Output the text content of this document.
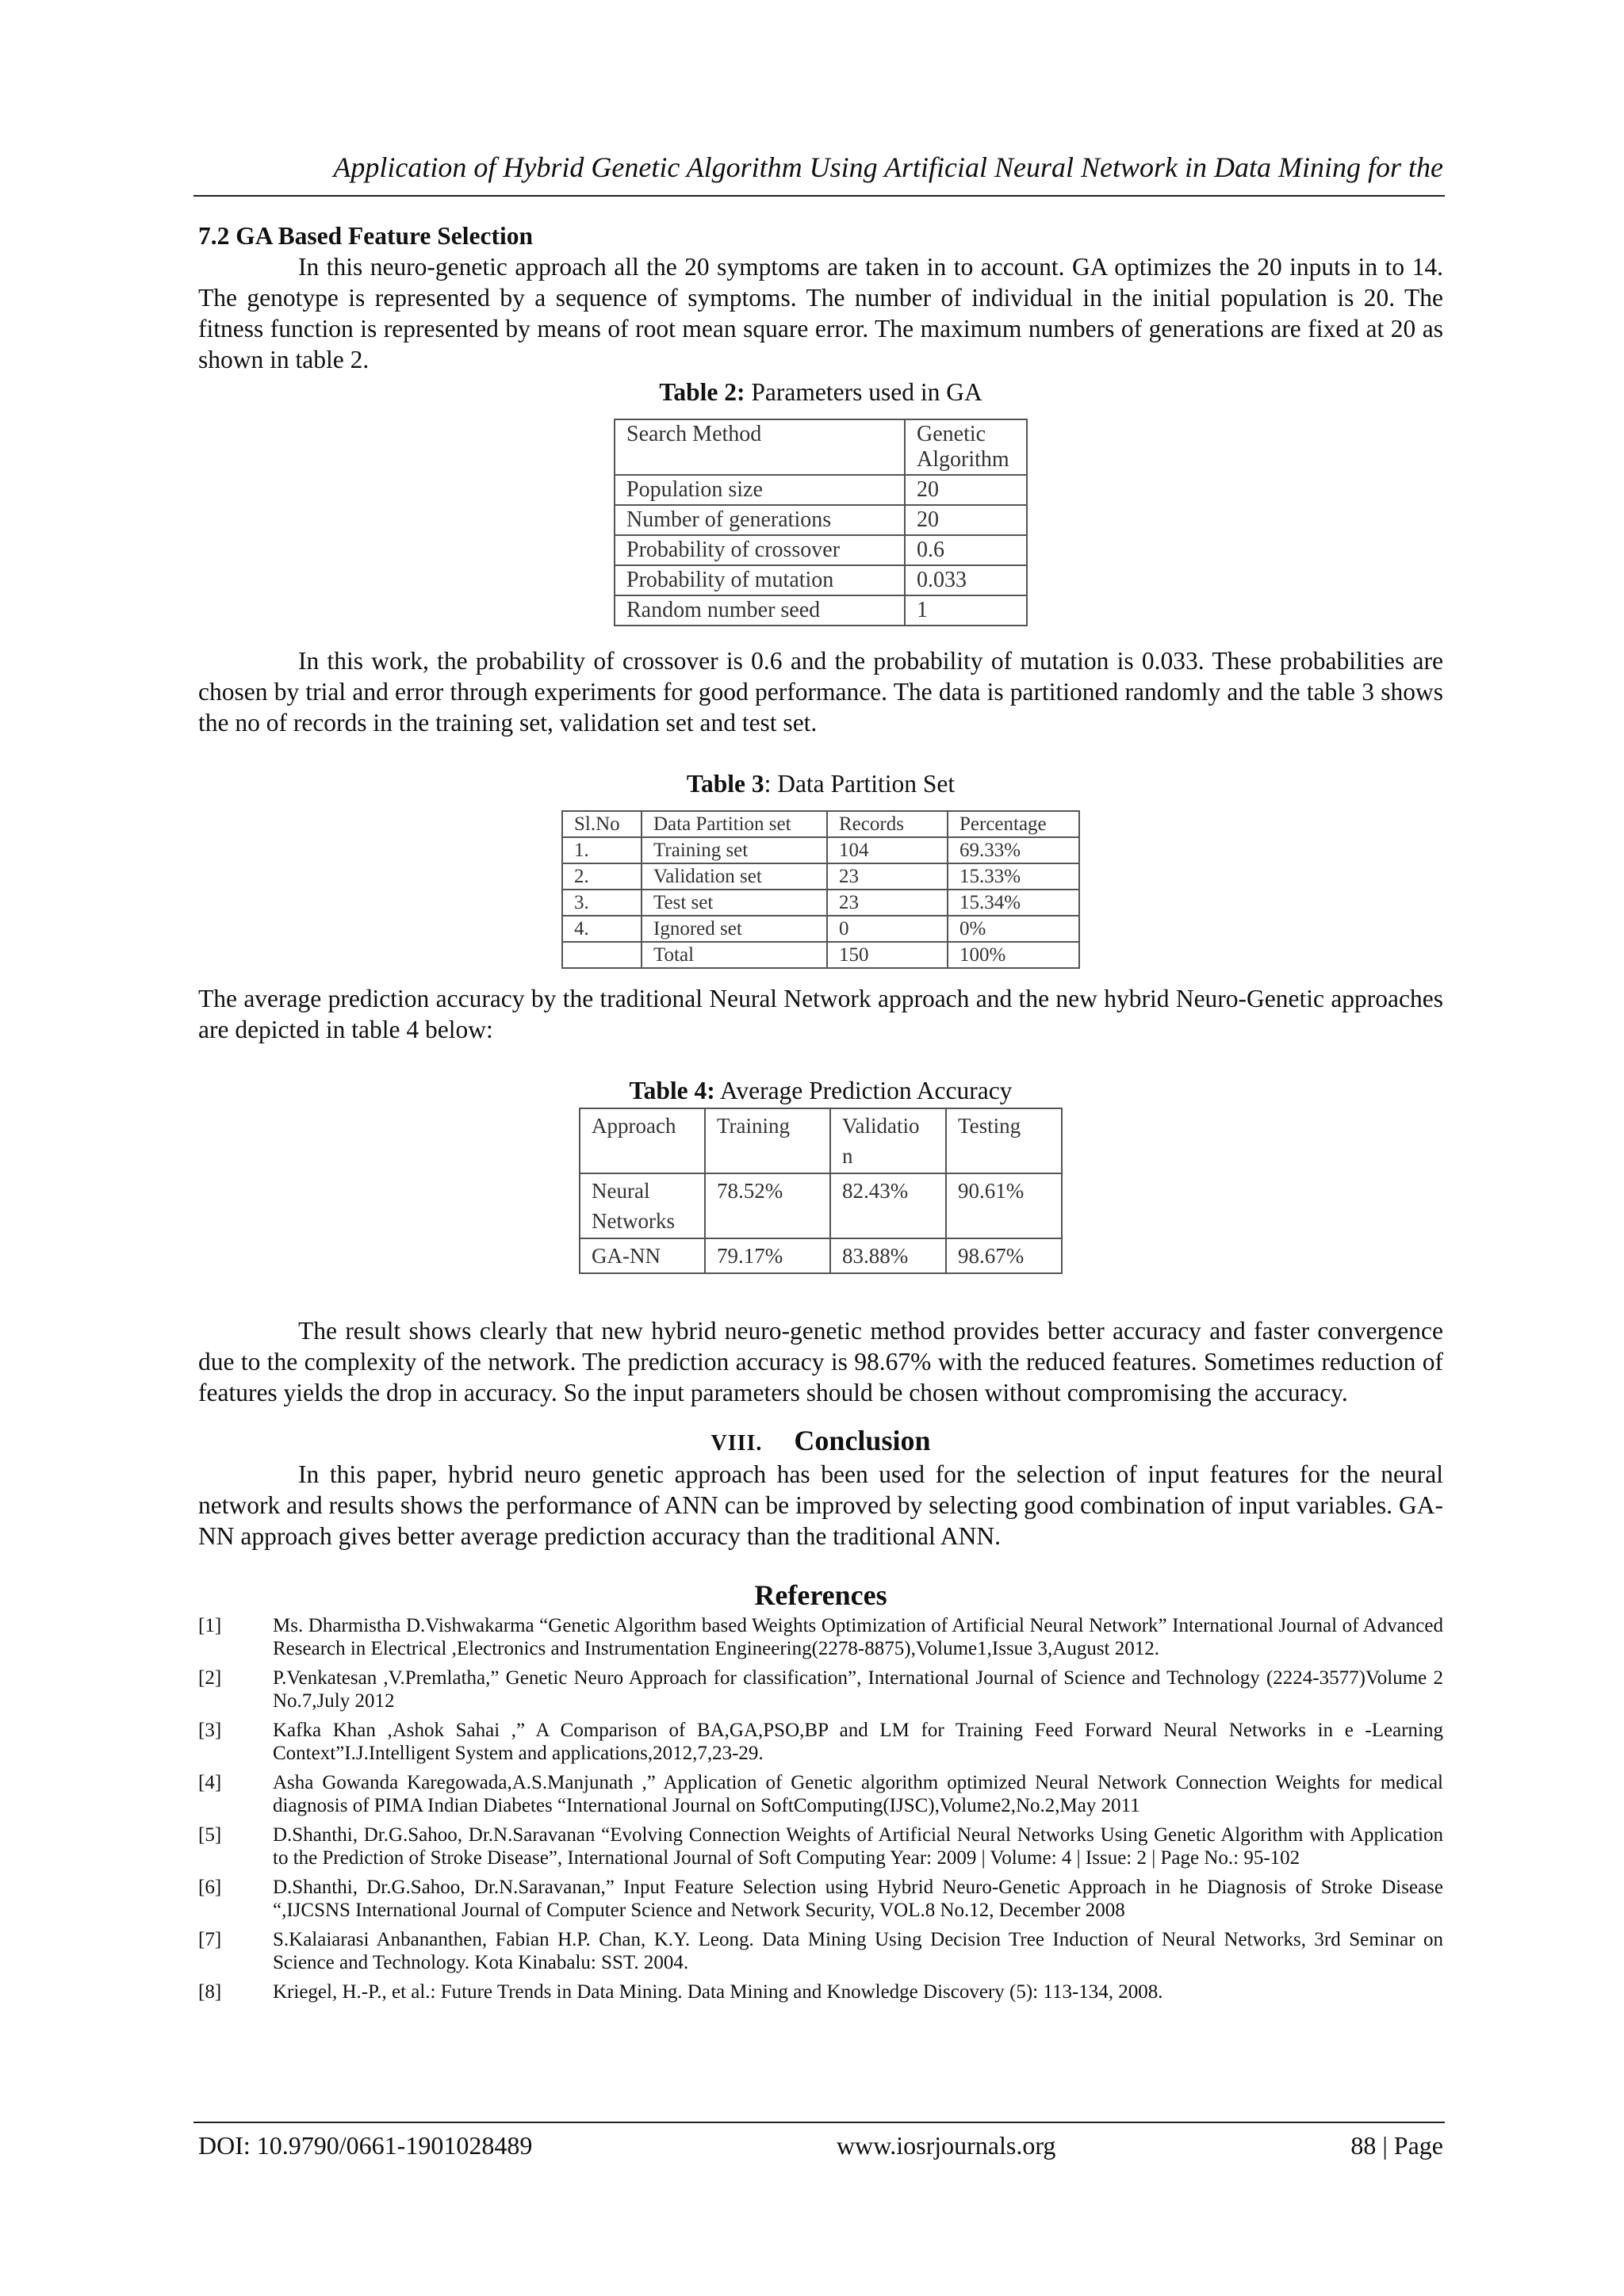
Application of Hybrid Genetic Algorithm Using Artificial Neural Network in Data Mining for the

7.2 GA Based Feature Selection

In this neuro-genetic approach all the 20 symptoms are taken in to account. GA optimizes the 20 inputs in to 14. The genotype is represented by a sequence of symptoms. The number of individual in the initial population is 20. The fitness function is represented by means of root mean square error. The maximum numbers of generations are fixed at 20 as shown in table 2.

Table 2: Parameters used in GA

Search Method	Genetic Algorithm
Population size	20
Number of generations	20
Probability of crossover	0.6
Probability of mutation	0.033
Random number seed	1

In this work, the probability of crossover is 0.6 and the probability of mutation is 0.033. These probabilities are chosen by trial and error through experiments for good performance. The data is partitioned randomly and the table 3 shows the no of records in the training set, validation set and test set.

Table 3: Data Partition Set

Sl.No	Data Partition set	Records	Percentage
1.	Training set	104	69.33%
2.	Validation set	23	15.33%
3.	Test set	23	15.34%
4.	Ignored set	0	0%
	Total	150	100%

The average prediction accuracy by the traditional Neural Network approach and the new hybrid Neuro-Genetic approaches are depicted in table 4 below:

Table 4: Average Prediction Accuracy

Approach	Training	Validatio n	Testing
Neural Networks	78.52%	82.43%	90.61%
GA-NN	79.17%	83.88%	98.67%

The result shows clearly that new hybrid neuro-genetic method provides better accuracy and faster convergence due to the complexity of the network. The prediction accuracy is 98.67% with the reduced features. Sometimes reduction of features yields the drop in accuracy. So the input parameters should be chosen without compromising the accuracy.

VIII. Conclusion

In this paper, hybrid neuro genetic approach has been used for the selection of input features for the neural network and results shows the performance of ANN can be improved by selecting good combination of input variables. GA-NN approach gives better average prediction accuracy than the traditional ANN.

References

[1]	Ms. Dharmistha D.Vishwakarma “Genetic Algorithm based Weights Optimization of Artificial Neural Network” International Journal of Advanced Research in Electrical ,Electronics and Instrumentation Engineering(2278-8875),Volume1,Issue 3,August 2012.
[2]	P.Venkatesan ,V.Premlatha,” Genetic Neuro Approach for classification”, International Journal of Science and Technology (2224-3577)Volume 2 No.7,July 2012
[3]	Kafka Khan ,Ashok Sahai ,” A Comparison of BA,GA,PSO,BP and LM for Training Feed Forward Neural Networks in e -Learning Context”I.J.Intelligent System and applications,2012,7,23-29.
[4]	Asha Gowanda Karegowada,A.S.Manjunath ,” Application of Genetic algorithm optimized Neural Network Connection Weights for medical diagnosis of PIMA Indian Diabetes “International Journal on SoftComputing(IJSC),Volume2,No.2,May 2011
[5]	D.Shanthi, Dr.G.Sahoo, Dr.N.Saravanan “Evolving Connection Weights of Artificial Neural Networks Using Genetic Algorithm with Application to the Prediction of Stroke Disease”, International Journal of Soft Computing Year: 2009 | Volume: 4 | Issue: 2 | Page No.: 95-102
[6]	D.Shanthi, Dr.G.Sahoo, Dr.N.Saravanan,” Input Feature Selection using Hybrid Neuro-Genetic Approach in he Diagnosis of Stroke Disease “,IJCSNS International Journal of Computer Science and Network Security, VOL.8 No.12, December 2008
[7]	S.Kalaiarasi Anbananthen, Fabian H.P. Chan, K.Y. Leong. Data Mining Using Decision Tree Induction of Neural Networks, 3rd Seminar on Science and Technology. Kota Kinabalu: SST. 2004.
[8]	Kriegel, H.-P., et al.: Future Trends in Data Mining. Data Mining and Knowledge Discovery (5): 113-134, 2008.
DOI: 10.9790/0661-1901028489	www.iosrjournals.org	88 | Page
